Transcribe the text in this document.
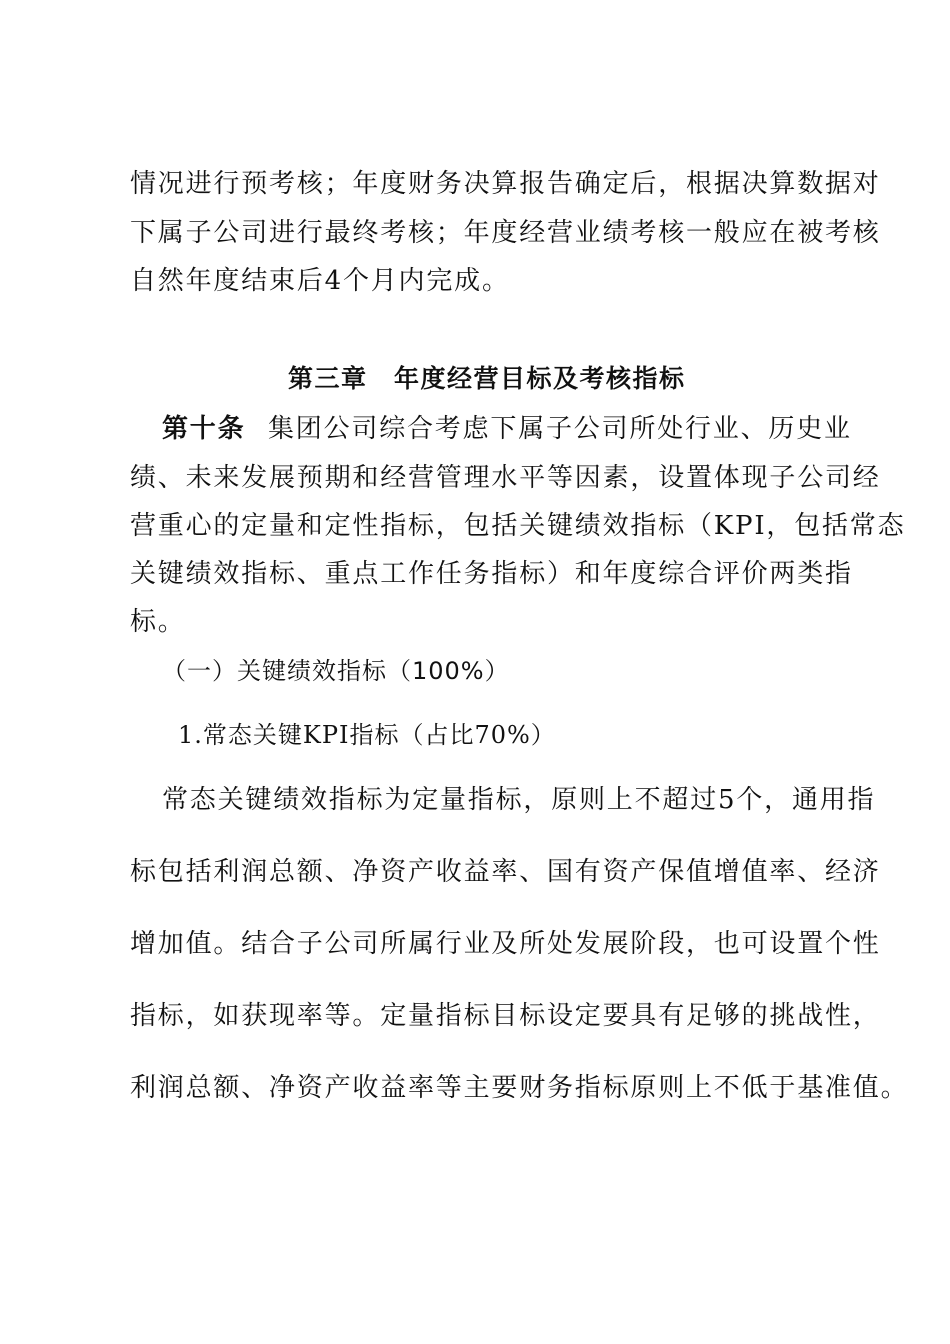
情况进行预考核；年度财务决算报告确定后，根据决算数据对

下属子公司进行最终考核；年度经营业绩考核一般应在被考核

自然年度结束后4个月内完成。

第三章　年度经营目标及考核指标

第十条 集团公司综合考虑下属子公司所处行业、历史业

绩、未来发展预期和经营管理水平等因素，设置体现子公司经

营重心的定量和定性指标，包括关键绩效指标（KPI，包括常态

关键绩效指标、重点工作任务指标）和年度综合评价两类指

标。

（一）关键绩效指标（100%）

1.常态关键KPI指标（占比70%）

常态关键绩效指标为定量指标，原则上不超过5个，通用指

标包括利润总额、净资产收益率、国有资产保值增值率、经济

增加值。结合子公司所属行业及所处发展阶段，也可设置个性

指标，如获现率等。定量指标目标设定要具有足够的挑战性，

利润总额、净资产收益率等主要财务指标原则上不低于基准值。
